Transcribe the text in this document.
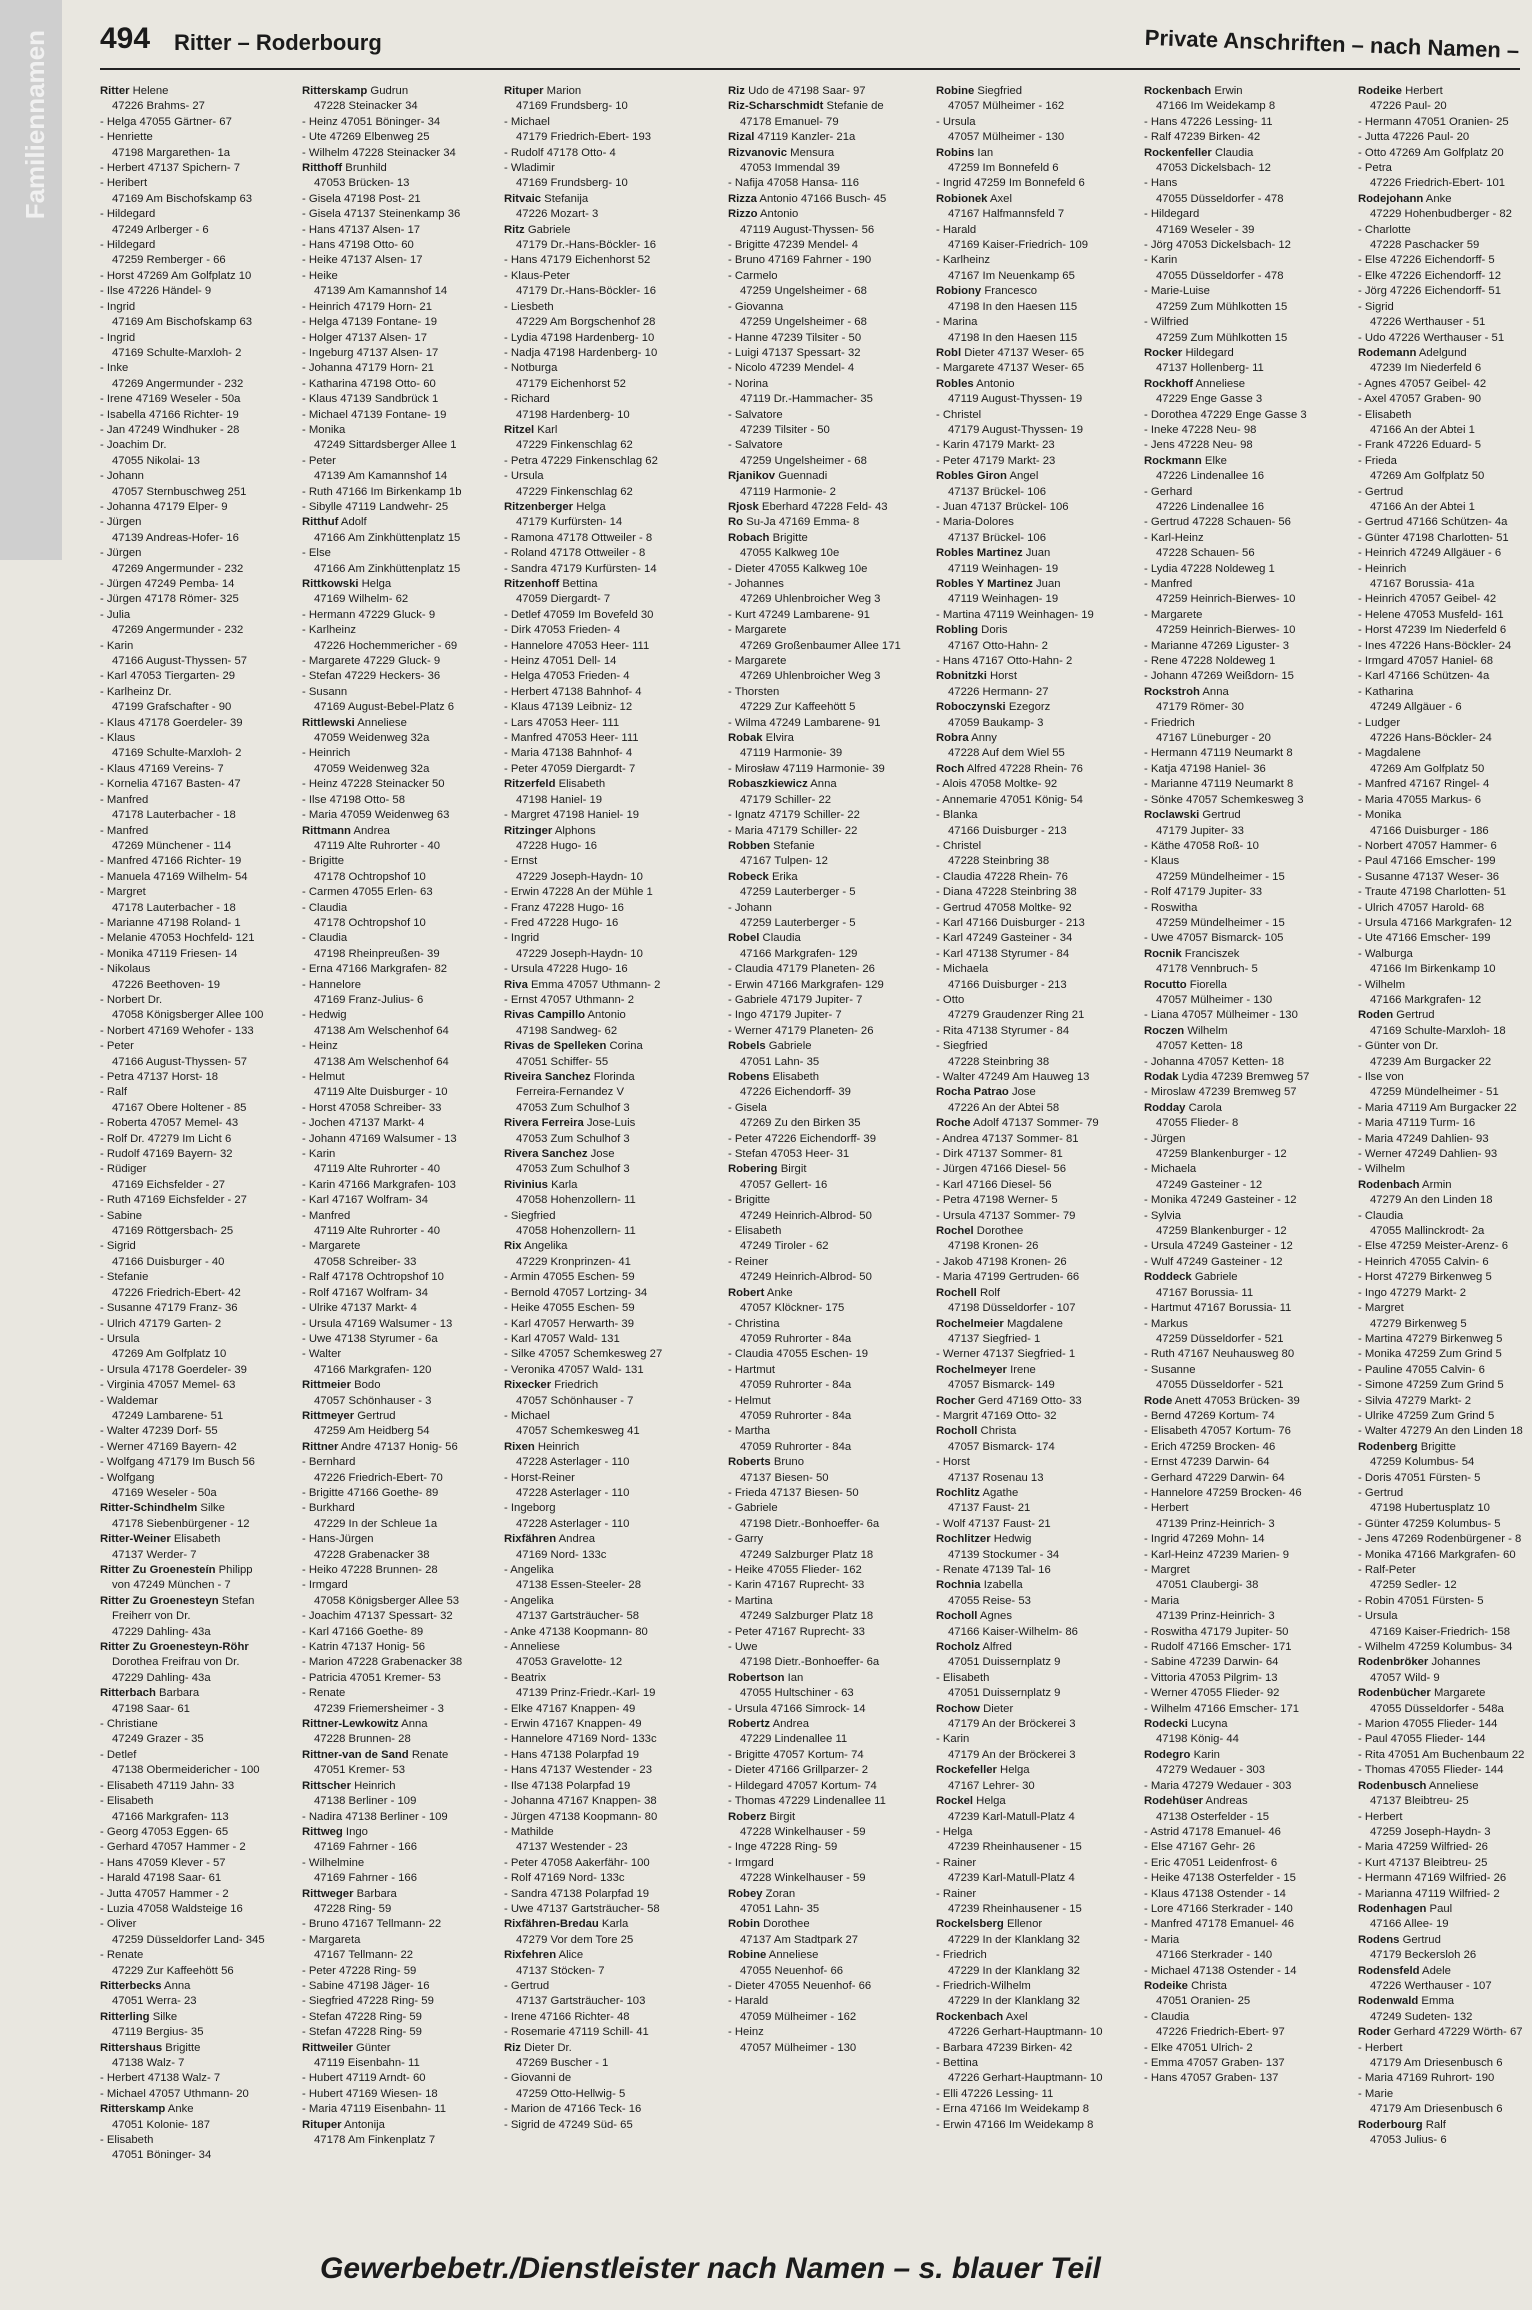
Familiennamen 494 Ritter – Roderbourg	Private Anschriften – nach Namen –
Ritter Helene
47226 Brahms- 27
- Helga 47055 Gärtner- 67
- Henriette
47198 Margarethen- 1a
- Herbert 47137 Spichern- 7
- Heribert
47169 Am Bischofskamp 63
- Hildegard
47249 Arlberger - 6
- Hildegard
47259 Remberger - 66
- Horst 47269 Am Golfplatz 10
- Ilse 47226 Händel- 9
- Ingrid
47169 Am Bischofskamp 63
- Ingrid
47169 Schulte-Marxloh- 2
- Inke
47269 Angermunder - 232
- Irene 47169 Weseler - 50a
- Isabella 47166 Richter- 19
- Jan 47249 Windhuker - 28
- Joachim Dr.
47055 Nikolai- 13
- Johann
47057 Sternbuschweg 251
- Johanna 47179 Elper- 9
- Jürgen
47139 Andreas-Hofer- 16
- Jürgen
47269 Angermunder - 232
- Jürgen 47249 Pemba- 14
- Jürgen 47178 Römer- 325
- Julia
47269 Angermunder - 232
- Karin
47166 August-Thyssen- 57
- Karl 47053 Tiergarten- 29
- Karlheinz Dr.
47199 Grafschafter - 90
- Klaus 47178 Goerdeler- 39
- Klaus
47169 Schulte-Marxloh- 2
- Klaus 47169 Vereins- 7
- Kornelia 47167 Basten- 47
- Manfred
47178 Lauterbacher - 18
- Manfred
47269 Münchener - 114
- Manfred 47166 Richter- 19
- Manuela 47169 Wilhelm- 54
- Margret
47178 Lauterbacher - 18
- Marianne 47198 Roland- 1
- Melanie 47053 Hochfeld- 121
- Monika 47119 Friesen- 14
- Nikolaus
47226 Beethoven- 19
- Norbert Dr.
47058 Königsberger Allee 100
- Norbert 47169 Wehofer - 133
- Peter
47166 August-Thyssen- 57
- Petra 47137 Horst- 18
- Ralf
47167 Obere Holtener - 85
- Roberta 47057 Memel- 43
- Rolf Dr. 47279 Im Licht 6
- Rudolf 47169 Bayern- 32
- Rüdiger
47169 Eichsfelder - 27
- Ruth 47169 Eichsfelder - 27
- Sabine
47169 Röttgersbach- 25
- Sigrid
47166 Duisburger - 40
- Stefanie
47226 Friedrich-Ebert- 42
- Susanne 47179 Franz- 36
- Ulrich 47179 Garten- 2
- Ursula
47269 Am Golfplatz 10
- Ursula 47178 Goerdeler- 39
- Virginia 47057 Memel- 63
- Waldemar
47249 Lambarene- 51
- Walter 47239 Dorf- 55
- Werner 47169 Bayern- 42
- Wolfgang 47179 Im Busch 56
- Wolfgang
47169 Weseler - 50a
Ritter-Schindhelm Silke
47178 Siebenbürgener - 12
Ritter-Weiner Elisabeth
47137 Werder- 7
Ritter Zu Groenesteín Philipp
von 47249 München - 7
Ritter Zu Groenesteyn Stefan
Freiherr von Dr.
47229 Dahling- 43a
Ritter Zu Groenesteyn-Röhr
Dorothea Freifrau von Dr.
47229 Dahling- 43a
Ritterbach Barbara
47198 Saar- 61
- Christiane
47249 Grazer - 35
- Detlef
47138 Obermeidericher - 100
- Elisabeth 47119 Jahn- 33
- Elisabeth
47166 Markgrafen- 113
- Georg 47053 Eggen- 65
- Gerhard 47057 Hammer - 2
- Hans 47059 Klever - 57
- Harald 47198 Saar- 61
- Jutta 47057 Hammer - 2
- Luzia 47058 Waldsteige 16
- Oliver
47259 Düsseldorfer Land- 345
- Renate
47229 Zur Kaffeehött 56
Ritterbecks Anna
47051 Werra- 23
Ritterling Silke
47119 Bergius- 35
Rittershaus Brigitte
47138 Walz- 7
- Herbert 47138 Walz- 7
- Michael 47057 Uthmann- 20
Ritterskamp Anke
47051 Kolonie- 187
- Elisabeth
47051 Böninger- 34
Ritterskamp Gudrun
47228 Steinacker 34
- Heinz 47051 Böninger- 34
- Ute 47269 Elbenweg 25
- Wilhelm 47228 Steinacker 34
Ritthoff Brunhild
47053 Brücken- 13
- Gisela 47198 Post- 21
- Gisela 47137 Steinenkamp 36
- Hans 47137 Alsen- 17
- Hans 47198 Otto- 60
- Heike 47137 Alsen- 17
- Heike
47139 Am Kamannshof 14
- Heinrich 47179 Horn- 21
- Helga 47139 Fontane- 19
- Holger 47137 Alsen- 17
- Ingeburg 47137 Alsen- 17
- Johanna 47179 Horn- 21
- Katharina 47198 Otto- 60
- Klaus 47139 Sandbrück 1
- Michael 47139 Fontane- 19
- Monika
47249 Sittardsberger Allee 1
- Peter
47139 Am Kamannshof 14
- Ruth 47166 Im Birkenkamp 1b
- Sibylle 47119 Landwehr- 25
Ritthuf Adolf
47166 Am Zinkhüttenplatz 15
- Else
47166 Am Zinkhüttenplatz 15
Rittkowski Helga
47169 Wilhelm- 62
- Hermann 47229 Gluck- 9
- Karlheinz
47226 Hochemmericher - 69
- Margarete 47229 Gluck- 9
- Stefan 47229 Heckers- 36
- Susann
47169 August-Bebel-Platz 6
Rittlewski Anneliese
47059 Weidenweg 32a
- Heinrich
47059 Weidenweg 32a
- Heinz 47228 Steinacker 50
- Ilse 47198 Otto- 58
- Maria 47059 Weidenweg 63
Rittmann Andrea
47119 Alte Ruhrorter - 40
- Brigitte
47178 Ochtropshof 10
- Carmen 47055 Erlen- 63
- Claudia
47178 Ochtropshof 10
- Claudia
47198 Rheinpreußen- 39
- Erna 47166 Markgrafen- 82
- Hannelore
47169 Franz-Julius- 6
- Hedwig
47138 Am Welschenhof 64
- Heinz
47138 Am Welschenhof 64
- Helmut
47119 Alte Duisburger - 10
- Horst 47058 Schreiber- 33
- Jochen 47137 Markt- 4
- Johann 47169 Walsumer - 13
- Karin
47119 Alte Ruhrorter - 40
- Karin 47166 Markgrafen- 103
- Karl 47167 Wolfram- 34
- Manfred
47119 Alte Ruhrorter - 40
- Margarete
47058 Schreiber- 33
- Ralf 47178 Ochtropshof 10
- Rolf 47167 Wolfram- 34
- Ulrike 47137 Markt- 4
- Ursula 47169 Walsumer - 13
- Uwe 47138 Styrumer - 6a
- Walter
47166 Markgrafen- 120
Rittmeier Bodo
47057 Schönhauser - 3
Rittmeyer Gertrud
47259 Am Heidberg 54
Rittner Andre 47137 Honig- 56
- Bernhard
47226 Friedrich-Ebert- 70
- Brigitte 47166 Goethe- 89
- Burkhard
47229 In der Schleue 1a
- Hans-Jürgen
47228 Grabenacker 38
- Heiko 47228 Brunnen- 28
- Irmgard
47058 Königsberger Allee 53
- Joachim 47137 Spessart- 32
- Karl 47166 Goethe- 89
- Katrin 47137 Honig- 56
- Marion 47228 Grabenacker 38
- Patricia 47051 Kremer- 53
- Renate
47239 Friemersheimer - 3
Rittner-Lewkowitz Anna
47228 Brunnen- 28
Rittner-van de Sand Renate
47051 Kremer- 53
Rittscher Heinrich
47138 Berliner - 109
- Nadira 47138 Berliner - 109
Rittweg Ingo
47169 Fahrner - 166
- Wilhelmine
47169 Fahrner - 166
Rittweger Barbara
47228 Ring- 59
- Bruno 47167 Tellmann- 22
- Margareta
47167 Tellmann- 22
- Peter 47228 Ring- 59
- Sabine 47198 Jäger- 16
- Siegfried 47228 Ring- 59
- Stefan 47228 Ring- 59
- Stefan 47228 Ring- 59
Rittweiler Günter
47119 Eisenbahn- 11
- Hubert 47119 Arndt- 60
- Hubert 47169 Wiesen- 18
- Maria 47119 Eisenbahn- 11
Rituper Antonija
47178 Am Finkenplatz 7
Rituper Marion
47169 Frundsberg- 10
- Michael
47179 Friedrich-Ebert- 193
- Rudolf 47178 Otto- 4
- Wladimir
47169 Frundsberg- 10
Ritvaic Stefanija
47226 Mozart- 3
Ritz Gabriele
47179 Dr.-Hans-Böckler- 16
- Hans 47179 Eichenhorst 52
- Klaus-Peter
47179 Dr.-Hans-Böckler- 16
- Liesbeth
47229 Am Borgschenhof 28
- Lydia 47198 Hardenberg- 10
- Nadja 47198 Hardenberg- 10
- Notburga
47179 Eichenhorst 52
- Richard
47198 Hardenberg- 10
Ritzel Karl
47229 Finkenschlag 62
- Petra 47229 Finkenschlag 62
- Ursula
47229 Finkenschlag 62
Ritzenberger Helga
47179 Kurfürsten- 14
- Ramona 47178 Ottweiler - 8
- Roland 47178 Ottweiler - 8
- Sandra 47179 Kurfürsten- 14
Ritzenhoff Bettina
47059 Diergardt- 7
- Detlef 47059 Im Bovefeld 30
- Dirk 47053 Frieden- 4
- Hannelore 47053 Heer- 111
- Heinz 47051 Dell- 14
- Helga 47053 Frieden- 4
- Herbert 47138 Bahnhof- 4
- Klaus 47139 Leibniz- 12
- Lars 47053 Heer- 111
- Manfred 47053 Heer- 111
- Maria 47138 Bahnhof- 4
- Peter 47059 Diergardt- 7
Ritzerfeld Elisabeth
47198 Haniel- 19
- Margret 47198 Haniel- 19
Ritzinger Alphons
47228 Hugo- 16
- Ernst
47229 Joseph-Haydn- 10
- Erwin 47228 An der Mühle 1
- Franz 47228 Hugo- 16
- Fred 47228 Hugo- 16
- Ingrid
47229 Joseph-Haydn- 10
- Ursula 47228 Hugo- 16
Riva Emma 47057 Uthmann- 2
- Ernst 47057 Uthmann- 2
Rivas Campillo Antonio
47198 Sandweg- 62
Rivas de Spelleken Corina
47051 Schiffer- 55
Riveira Sanchez Florinda
Ferreira-Fernandez V
47053 Zum Schulhof 3
Rivera Ferreira Jose-Luis
47053 Zum Schulhof 3
Rivera Sanchez Jose
47053 Zum Schulhof 3
Rivinius Karla
47058 Hohenzollern- 11
- Siegfried
47058 Hohenzollern- 11
Rix Angelika
47229 Kronprinzen- 41
- Armin 47055 Eschen- 59
- Bernold 47057 Lortzing- 34
- Heike 47055 Eschen- 59
- Karl 47057 Herwarth- 39
- Karl 47057 Wald- 131
- Silke 47057 Schemkesweg 27
- Veronika 47057 Wald- 131
Rixecker Friedrich
47057 Schönhauser - 7
- Michael
47057 Schemkesweg 41
Rixen Heinrich
47228 Asterlager - 110
- Horst-Reiner
47228 Asterlager - 110
- Ingeborg
47228 Asterlager - 110
Rixfähren Andrea
47169 Nord- 133c
- Angelika
47138 Essen-Steeler- 28
- Angelika
47137 Gartsträucher- 58
- Anke 47138 Koopmann- 80
- Anneliese
47053 Gravelotte- 12
- Beatrix
47139 Prinz-Friedr.-Karl- 19
- Elke 47167 Knappen- 49
- Erwin 47167 Knappen- 49
- Hannelore 47169 Nord- 133c
- Hans 47138 Polarpfad 19
- Hans 47137 Westender - 23
- Ilse 47138 Polarpfad 19
- Johanna 47167 Knappen- 38
- Jürgen 47138 Koopmann- 80
- Mathilde
47137 Westender - 23
- Peter 47058 Aakerfähr- 100
- Rolf 47169 Nord- 133c
- Sandra 47138 Polarpfad 19
- Uwe 47137 Gartsträucher- 58
Rixfähren-Bredau Karla
47279 Vor dem Tore 25
Rixfehren Alice
47137 Stöcken- 7
- Gertrud
47137 Gartsträucher- 103
- Irene 47166 Richter- 48
- Rosemarie 47119 Schill- 41
Riz Dieter Dr.
47269 Buscher - 1
- Giovanni de
47259 Otto-Hellwig- 5
- Marion de 47166 Teck- 16
- Sigrid de 47249 Süd- 65
Riz Udo de 47198 Saar- 97
Riz-Scharschmidt Stefanie de
47178 Emanuel- 79
Rizal 47119 Kanzler- 21a
Rizvanovic Mensura
47053 Immendal 39
- Nafija 47058 Hansa- 116
Rizza Antonio 47166 Busch- 45
Rizzo Antonio
47119 August-Thyssen- 56
- Brigitte 47239 Mendel- 4
- Bruno 47169 Fahrner - 190
- Carmelo
47259 Ungelsheimer - 68
- Giovanna
47259 Ungelsheimer - 68
- Hanne 47239 Tilsiter - 50
- Luigi 47137 Spessart- 32
- Nicolo 47239 Mendel- 4
- Norina
47119 Dr.-Hammacher- 35
- Salvatore
47239 Tilsiter - 50
- Salvatore
47259 Ungelsheimer - 68
Rjanikov Guennadi
47119 Harmonie- 2
Rjosk Eberhard 47228 Feld- 43
Ro Su-Ja 47169 Emma- 8
Robach Brigitte
47055 Kalkweg 10e
- Dieter 47055 Kalkweg 10e
- Johannes
47269 Uhlenbroicher Weg 3
- Kurt 47249 Lambarene- 91
- Margarete
47269 Großenbaumer Allee 171
- Margarete
47269 Uhlenbroicher Weg 3
- Thorsten
47229 Zur Kaffeehött 5
- Wilma 47249 Lambarene- 91
Robak Elvira
47119 Harmonie- 39
- Mirosław 47119 Harmonie- 39
Robaszkiewicz Anna
47179 Schiller- 22
- Ignatz 47179 Schiller- 22
- Maria 47179 Schiller- 22
Robben Stefanie
47167 Tulpen- 12
Robeck Erika
47259 Lauterberger - 5
- Johann
47259 Lauterberger - 5
Robel Claudia
47166 Markgrafen- 129
- Claudia 47179 Planeten- 26
- Erwin 47166 Markgrafen- 129
- Gabriele 47179 Jupiter- 7
- Ingo 47179 Jupiter- 7
- Werner 47179 Planeten- 26
Robels Gabriele
47051 Lahn- 35
Robens Elisabeth
47226 Eichendorff- 39
- Gisela
47269 Zu den Birken 35
- Peter 47226 Eichendorff- 39
- Stefan 47053 Heer- 31
Robering Birgit
47057 Gellert- 16
- Brigitte
47249 Heinrich-Albrod- 50
- Elisabeth
47249 Tiroler - 62
- Reiner
47249 Heinrich-Albrod- 50
Robert Anke
47057 Klöckner- 175
- Christina
47059 Ruhrorter - 84a
- Claudia 47055 Eschen- 19
- Hartmut
47059 Ruhrorter - 84a
- Helmut
47059 Ruhrorter - 84a
- Martha
47059 Ruhrorter - 84a
Roberts Bruno
47137 Biesen- 50
- Frieda 47137 Biesen- 50
- Gabriele
47198 Dietr.-Bonhoeffer- 6a
- Garry
47249 Salzburger Platz 18
- Heike 47055 Flieder- 162
- Karin 47167 Ruprecht- 33
- Martina
47249 Salzburger Platz 18
- Peter 47167 Ruprecht- 33
- Uwe
47198 Dietr.-Bonhoeffer- 6a
Robertson Ian
47055 Hultschiner - 63
- Ursula 47166 Simrock- 14
Robertz Andrea
47229 Lindenallee 11
- Brigitte 47057 Kortum- 74
- Dieter 47166 Grillparzer- 2
- Hildegard 47057 Kortum- 74
- Thomas 47229 Lindenallee 11
Roberz Birgit
47228 Winkelhauser - 59
- Inge 47228 Ring- 59
- Irmgard
47228 Winkelhauser - 59
Robey Zoran
47051 Lahn- 35
Robin Dorothee
47137 Am Stadtpark 27
Robine Anneliese
47055 Neuenhof- 66
- Dieter 47055 Neuenhof- 66
- Harald
47059 Mülheimer - 162
- Heinz
47057 Mülheimer - 130
Robine Siegfried
47057 Mülheimer - 162
- Ursula
47057 Mülheimer - 130
Robins Ian
47259 Im Bonnefeld 6
- Ingrid 47259 Im Bonnefeld 6
Robionek Axel
47167 Halfmannsfeld 7
- Harald
47169 Kaiser-Friedrich- 109
- Karlheinz
47167 Im Neuenkamp 65
Robiony Francesco
47198 In den Haesen 115
- Marina
47198 In den Haesen 115
Robl Dieter 47137 Weser- 65
- Margarete 47137 Weser- 65
Robles Antonio
47119 August-Thyssen- 19
- Christel
47179 August-Thyssen- 19
- Karin 47179 Markt- 23
- Peter 47179 Markt- 23
Robles Giron Angel
47137 Brückel- 106
- Juan 47137 Brückel- 106
- Maria-Dolores
47137 Brückel- 106
Robles Martinez Juan
47119 Weinhagen- 19
Robles Y Martinez Juan
47119 Weinhagen- 19
- Martina 47119 Weinhagen- 19
Robling Doris
47167 Otto-Hahn- 2
- Hans 47167 Otto-Hahn- 2
Robnitzki Horst
47226 Hermann- 27
Roboczynski Ezegorz
47059 Baukamp- 3
Robra Anny
47228 Auf dem Wiel 55
Roch Alfred 47228 Rhein- 76
- Alois 47058 Moltke- 92
- Annemarie 47051 König- 54
- Blanka
47166 Duisburger - 213
- Christel
47228 Steinbring 38
- Claudia 47228 Rhein- 76
- Diana 47228 Steinbring 38
- Gertrud 47058 Moltke- 92
- Karl 47166 Duisburger - 213
- Karl 47249 Gasteiner - 34
- Karl 47138 Styrumer - 84
- Michaela
47166 Duisburger - 213
- Otto
47279 Graudenzer Ring 21
- Rita 47138 Styrumer - 84
- Siegfried
47228 Steinbring 38
- Walter 47249 Am Hauweg 13
Rocha Patrao Jose
47226 An der Abtei 58
Roche Adolf 47137 Sommer- 79
- Andrea 47137 Sommer- 81
- Dirk 47137 Sommer- 81
- Jürgen 47166 Diesel- 56
- Karl 47166 Diesel- 56
- Petra 47198 Werner- 5
- Ursula 47137 Sommer- 79
Rochel Dorothee
47198 Kronen- 26
- Jakob 47198 Kronen- 26
- Maria 47199 Gertruden- 66
Rochell Rolf
47198 Düsseldorfer - 107
Rochelmeier Magdalene
47137 Siegfried- 1
- Werner 47137 Siegfried- 1
Rochelmeyer Irene
47057 Bismarck- 149
Rocher Gerd 47169 Otto- 33
- Margrit 47169 Otto- 32
Rocholl Christa
47057 Bismarck- 174
- Horst
47137 Rosenau 13
Rochlitz Agathe
47137 Faust- 21
- Wolf 47137 Faust- 21
Rochlitzer Hedwig
47139 Stockumer - 34
- Renate 47139 Tal- 16
Rochnia Izabella
47055 Reise- 53
Rocholl Agnes
47166 Kaiser-Wilhelm- 86
Rocholz Alfred
47051 Duissernplatz 9
- Elisabeth
47051 Duissernplatz 9
Rochow Dieter
47179 An der Bröckerei 3
- Karin
47179 An der Bröckerei 3
Rockefeller Helga
47167 Lehrer- 30
Rockel Helga
47239 Karl-Matull-Platz 4
- Helga
47239 Rheinhausener - 15
- Rainer
47239 Karl-Matull-Platz 4
- Rainer
47239 Rheinhausener - 15
Rockelsberg Ellenor
47229 In der Klanklang 32
- Friedrich
47229 In der Klanklang 32
- Friedrich-Wilhelm
47229 In der Klanklang 32
Rockenbach Axel
47226 Gerhart-Hauptmann- 10
- Barbara 47239 Birken- 42
- Bettina
47226 Gerhart-Hauptmann- 10
- Elli 47226 Lessing- 11
- Erna 47166 Im Weidekamp 8
- Erwin 47166 Im Weidekamp 8
Rockenbach Erwin
47166 Im Weidekamp 8
- Hans 47226 Lessing- 11
- Ralf 47239 Birken- 42
Rockenfeller Claudia
47053 Dickelsbach- 12
- Hans
47055 Düsseldorfer - 478
- Hildegard
47169 Weseler - 39
- Jörg 47053 Dickelsbach- 12
- Karin
47055 Düsseldorfer - 478
- Marie-Luise
47259 Zum Mühlkotten 15
- Wilfried
47259 Zum Mühlkotten 15
Rocker Hildegard
47137 Hollenberg- 11
Rockhoff Anneliese
47229 Enge Gasse 3
- Dorothea 47229 Enge Gasse 3
- Ineke 47228 Neu- 98
- Jens 47228 Neu- 98
Rockmann Elke
47226 Lindenallee 16
- Gerhard
47226 Lindenallee 16
- Gertrud 47228 Schauen- 56
- Karl-Heinz
47228 Schauen- 56
- Lydia 47228 Noldeweg 1
- Manfred
47259 Heinrich-Bierwes- 10
- Margarete
47259 Heinrich-Bierwes- 10
- Marianne 47269 Liguster- 3
- Rene 47228 Noldeweg 1
- Johann 47269 Weißdorn- 15
Rockstroh Anna
47179 Römer- 30
- Friedrich
47167 Lüneburger - 20
- Hermann 47119 Neumarkt 8
- Katja 47198 Haniel- 36
- Marianne 47119 Neumarkt 8
- Sönke 47057 Schemkesweg 3
Roclawski Gertrud
47179 Jupiter- 33
- Käthe 47058 Roß- 10
- Klaus
47259 Mündelheimer - 15
- Rolf 47179 Jupiter- 33
- Roswitha
47259 Mündelheimer - 15
- Uwe 47057 Bismarck- 105
Rocnik Franciszek
47178 Vennbruch- 5
Rocutto Fiorella
47057 Mülheimer - 130
- Liana 47057 Mülheimer - 130
Roczen Wilhelm
47057 Ketten- 18
- Johanna 47057 Ketten- 18
Rodak Lydia 47239 Bremweg 57
- Miroslaw 47239 Bremweg 57
Rodday Carola
47055 Flieder- 8
- Jürgen
47259 Blankenburger - 12
- Michaela
47249 Gasteiner - 12
- Monika 47249 Gasteiner - 12
- Sylvia
47259 Blankenburger - 12
- Ursula 47249 Gasteiner - 12
- Wulf 47249 Gasteiner - 12
Roddeck Gabriele
47167 Borussia- 11
- Hartmut 47167 Borussia- 11
- Markus
47259 Düsseldorfer - 521
- Ruth 47167 Neuhausweg 80
- Susanne
47055 Düsseldorfer - 521
Rode Anett 47053 Brücken- 39
- Bernd 47269 Kortum- 74
- Elisabeth 47057 Kortum- 76
- Erich 47259 Brocken- 46
- Ernst 47239 Darwin- 64
- Gerhard 47229 Darwin- 64
- Hannelore 47259 Brocken- 46
- Herbert
47139 Prinz-Heinrich- 3
- Ingrid 47269 Mohn- 14
- Karl-Heinz 47239 Marien- 9
- Margret
47051 Claubergi- 38
- Maria
47139 Prinz-Heinrich- 3
- Roswitha 47179 Jupiter- 50
- Rudolf 47166 Emscher- 171
- Sabine 47239 Darwin- 64
- Vittoria 47053 Pilgrim- 13
- Werner 47055 Flieder- 92
- Wilhelm 47166 Emscher- 171
Rodecki Lucyna
47198 König- 44
Rodegro Karin
47279 Wedauer - 303
- Maria 47279 Wedauer - 303
Rodehüser Andreas
47138 Osterfelder - 15
- Astrid 47178 Emanuel- 46
- Else 47167 Gehr- 26
- Eric 47051 Leidenfrost- 6
- Heike 47138 Osterfelder - 15
- Klaus 47138 Ostender - 14
- Lore 47166 Sterkrader - 140
- Manfred 47178 Emanuel- 46
- Maria
47166 Sterkrader - 140
- Michael 47138 Ostender - 14
Rodeike Christa
47051 Oranien- 25
- Claudia
47226 Friedrich-Ebert- 97
- Elke 47051 Ulrich- 2
- Emma 47057 Graben- 137
- Hans 47057 Graben- 137
Rodeike Herbert
47226 Paul- 20
- Hermann 47051 Oranien- 25
- Jutta 47226 Paul- 20
- Otto 47269 Am Golfplatz 20
- Petra
47226 Friedrich-Ebert- 101
Rodejohann Anke
47229 Hohenbudberger - 82
- Charlotte
47228 Paschacker 59
- Else 47226 Eichendorff- 5
- Elke 47226 Eichendorff- 12
- Jörg 47226 Eichendorff- 51
- Sigrid
47226 Werthauser - 51
- Udo 47226 Werthauser - 51
Rodemann Adelgund
47239 Im Niederfeld 6
- Agnes 47057 Geibel- 42
- Axel 47057 Graben- 90
- Elisabeth
47166 An der Abtei 1
- Frank 47226 Eduard- 5
- Frieda
47269 Am Golfplatz 50
- Gertrud
47166 An der Abtei 1
- Gertrud 47166 Schützen- 4a
- Günter 47198 Charlotten- 51
- Heinrich 47249 Allgäuer - 6
- Heinrich
47167 Borussia- 41a
- Heinrich 47057 Geibel- 42
- Helene 47053 Musfeld- 161
- Horst 47239 Im Niederfeld 6
- Ines 47226 Hans-Böckler- 24
- Irmgard 47057 Haniel- 68
- Karl 47166 Schützen- 4a
- Katharina
47249 Allgäuer - 6
- Ludger
47226 Hans-Böckler- 24
- Magdalene
47269 Am Golfplatz 50
- Manfred 47167 Ringel- 4
- Maria 47055 Markus- 6
- Monika
47166 Duisburger - 186
- Norbert 47057 Hammer- 6
- Paul 47166 Emscher- 199
- Susanne 47137 Weser- 36
- Traute 47198 Charlotten- 51
- Ulrich 47057 Harold- 68
- Ursula 47166 Markgrafen- 12
- Ute 47166 Emscher- 199
- Walburga
47166 Im Birkenkamp 10
- Wilhelm
47166 Markgrafen- 12
Roden Gertrud
47169 Schulte-Marxloh- 18
- Günter von Dr.
47239 Am Burgacker 22
- Ilse von
47259 Mündelheimer - 51
- Maria 47119 Am Burgacker 22
- Maria 47119 Turm- 16
- Maria 47249 Dahlien- 93
- Werner 47249 Dahlien- 93
- Wilhelm
Rodenbach Armin
47279 An den Linden 18
- Claudia
47055 Mallinckrodt- 2a
- Else 47259 Meister-Arenz- 6
- Heinrich 47055 Calvin- 6
- Horst 47279 Birkenweg 5
- Ingo 47279 Markt- 2
- Margret
47279 Birkenweg 5
- Martina 47279 Birkenweg 5
- Monika 47259 Zum Grind 5
- Pauline 47055 Calvin- 6
- Simone 47259 Zum Grind 5
- Silvia 47279 Markt- 2
- Ulrike 47259 Zum Grind 5
- Walter 47279 An den Linden 18
Rodenberg Brigitte
47259 Kolumbus- 54
- Doris 47051 Fürsten- 5
- Gertrud
47198 Hubertusplatz 10
- Günter 47259 Kolumbus- 5
- Jens 47269 Rodenbürgener - 8
- Monika 47166 Markgrafen- 60
- Ralf-Peter
47259 Sedler- 12
- Robin 47051 Fürsten- 5
- Ursula
47169 Kaiser-Friedrich- 158
- Wilhelm 47259 Kolumbus- 34
Rodenbröker Johannes
47057 Wild- 9
Rodenbücher Margarete
47055 Düsseldorfer - 548a
- Marion 47055 Flieder- 144
- Paul 47055 Flieder- 144
- Rita 47051 Am Buchenbaum 22
- Thomas 47055 Flieder- 144
Rodenbusch Anneliese
47137 Bleibtreu- 25
- Herbert
47259 Joseph-Haydn- 3
- Maria 47259 Wilfried- 26
- Kurt 47137 Bleibtreu- 25
- Hermann 47169 Wilfried- 26
- Marianna 47119 Wilfried- 2
Rodenhagen Paul
47166 Allee- 19
Rodens Gertrud
47179 Beckersloh 26
Rodensfeld Adele
47226 Werthauser - 107
Rodenwald Emma
47249 Sudeten- 132
Roder Gerhard 47229 Wörth- 67
- Herbert
47179 Am Driesenbusch 6
- Maria 47169 Ruhrort- 190
- Marie
47179 Am Driesenbusch 6
Roderbourg Ralf
47053 Julius- 6
Gewerbebetr./Dienstleister nach Namen – s. blauer Teil
